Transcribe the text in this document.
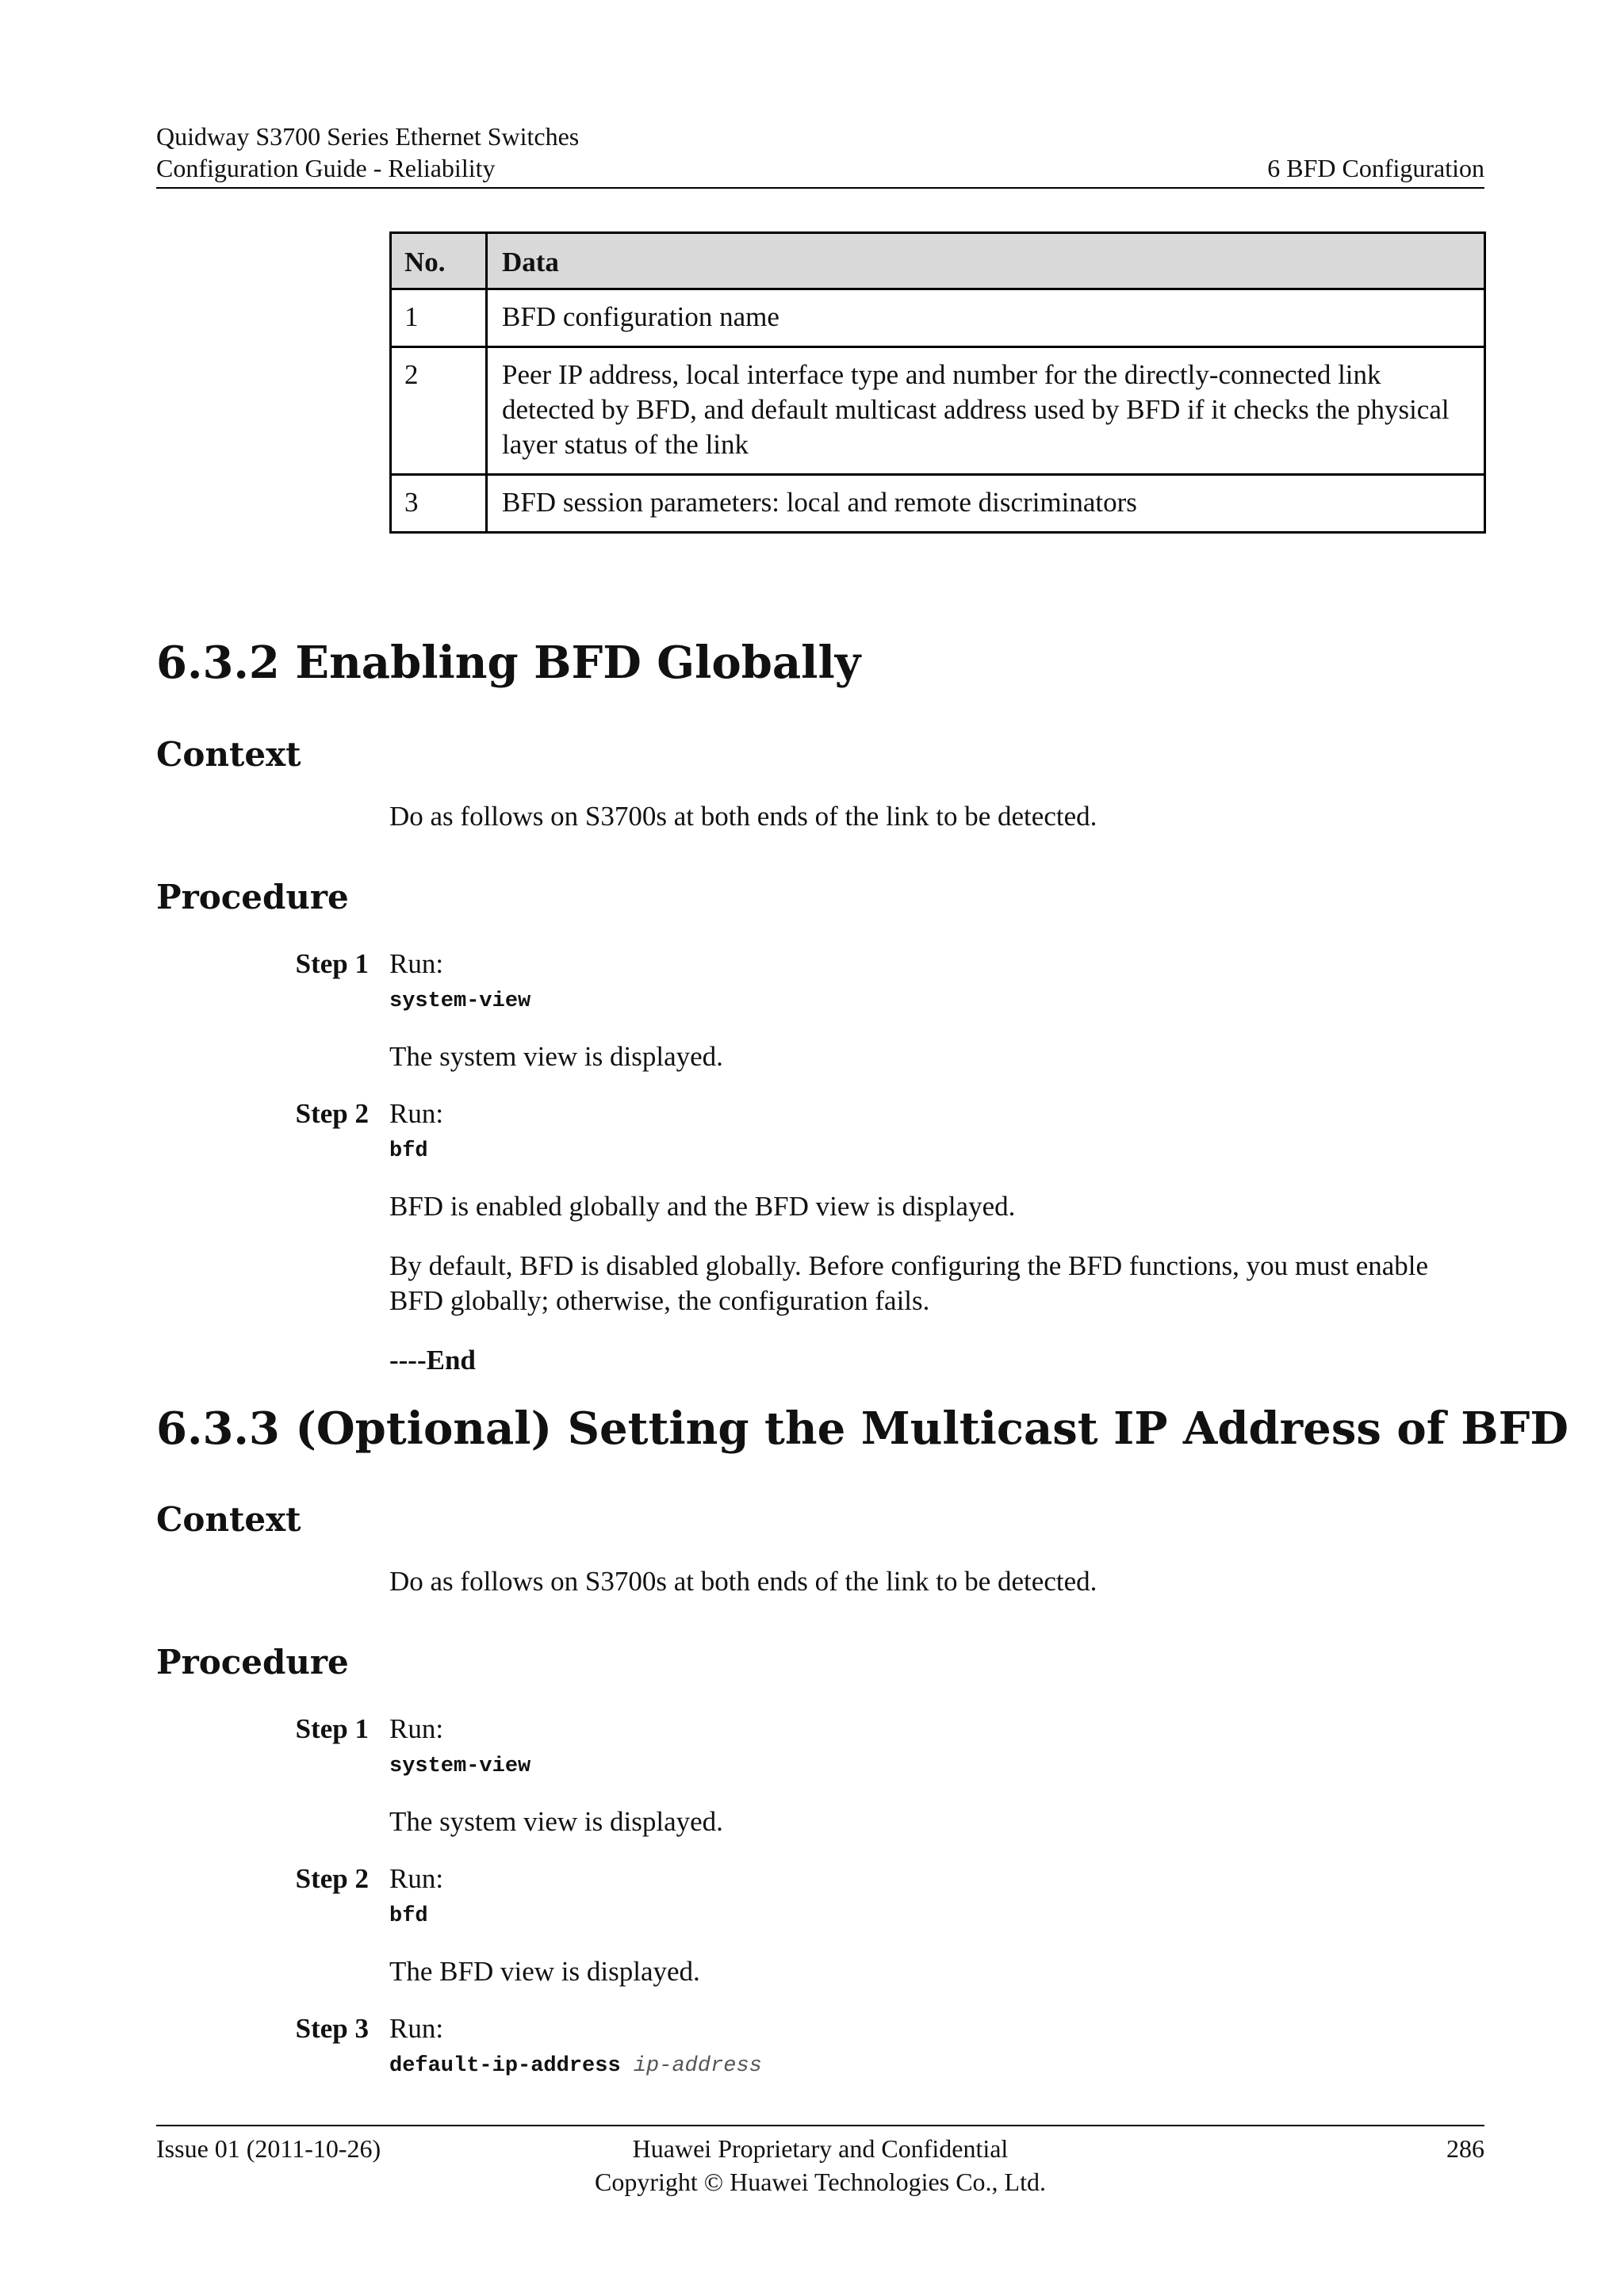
Quidway S3700 Series Ethernet Switches
Configuration Guide - Reliability	6 BFD Configuration
No.	Data
1	BFD configuration name
2	Peer IP address, local interface type and number for the directly-connected link detected by BFD, and default multicast address used by BFD if it checks the physical layer status of the link
3	BFD session parameters: local and remote discriminators
6.3.2 Enabling BFD Globally
Context
Do as follows on S3700s at both ends of the link to be detected.
Procedure
Step 1 Run:
system-view
The system view is displayed.
Step 2 Run:
bfd
BFD is enabled globally and the BFD view is displayed.
By default, BFD is disabled globally. Before configuring the BFD functions, you must enable BFD globally; otherwise, the configuration fails.
----End
6.3.3 (Optional) Setting the Multicast IP Address of BFD
Context
Do as follows on S3700s at both ends of the link to be detected.
Procedure
Step 1 Run:
system-view
The system view is displayed.
Step 2 Run:
bfd
The BFD view is displayed.
Step 3 Run:
default-ip-address ip-address
Issue 01 (2011-10-26)	Huawei Proprietary and Confidential
Copyright © Huawei Technologies Co., Ltd.
286
